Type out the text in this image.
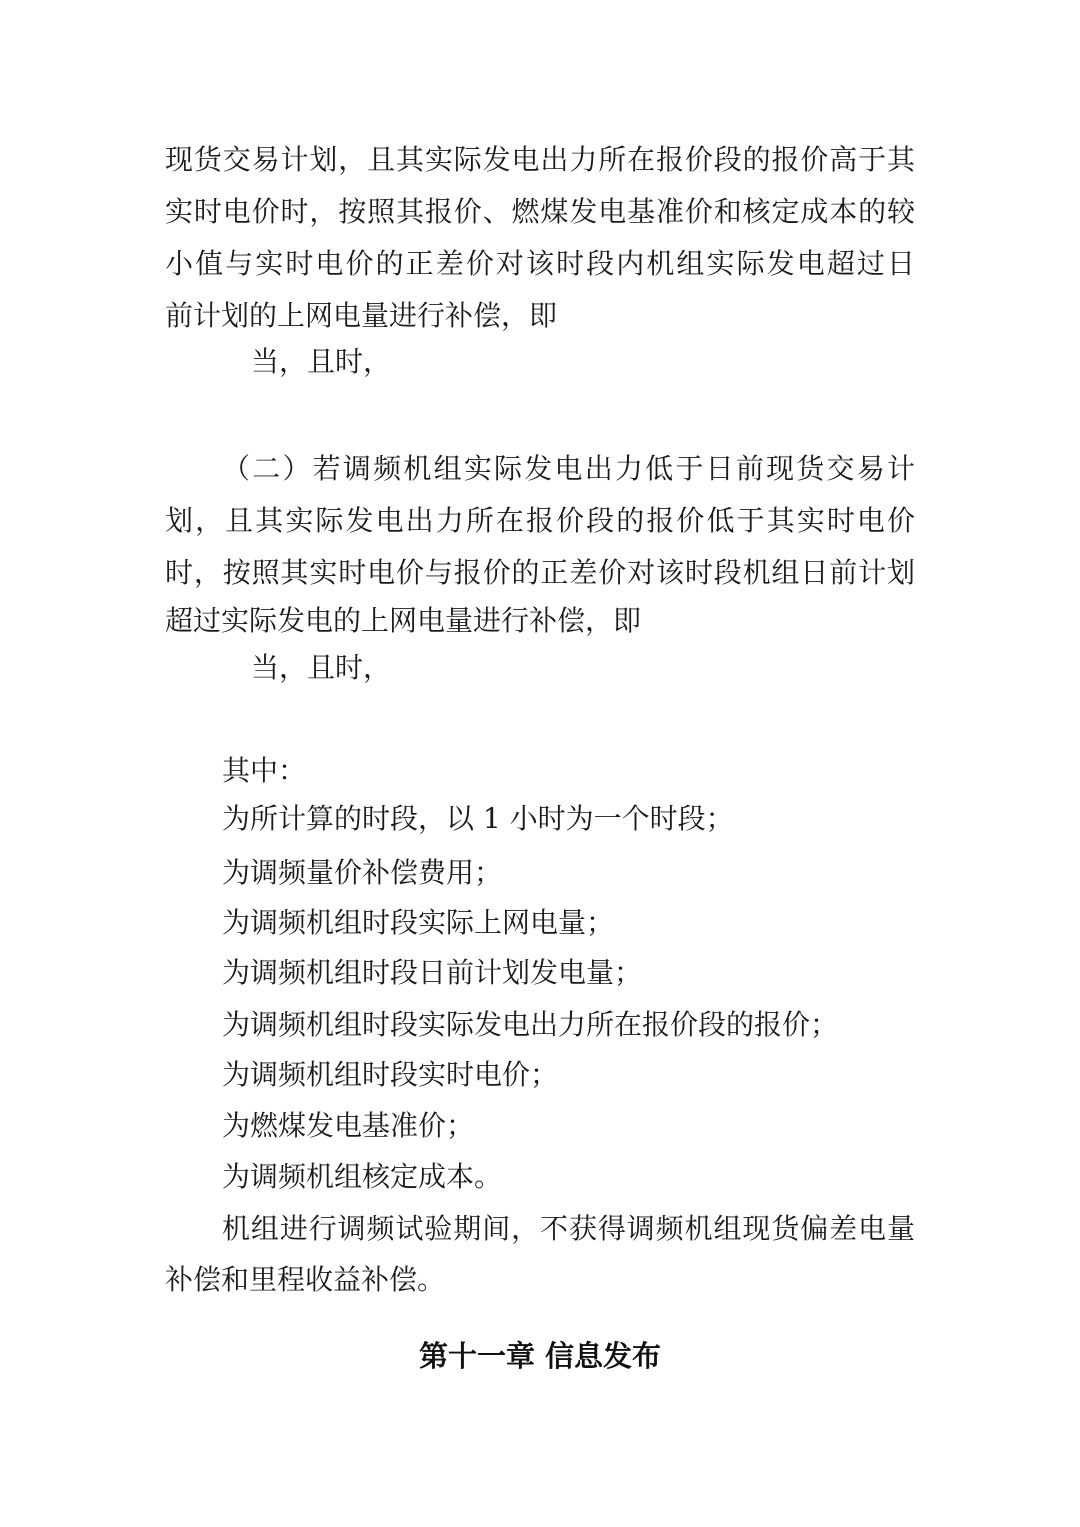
现货交易计划，且其实际发电出力所在报价段的报价高于其
实时电价时，按照其报价、燃煤发电基准价和核定成本的较
小值与实时电价的正差价对该时段内机组实际发电超过日
前计划的上网电量进行补偿，即
当，且时，
（二）若调频机组实际发电出力低于日前现货交易计
划，且其实际发电出力所在报价段的报价低于其实时电价
时，按照其实时电价与报价的正差价对该时段机组日前计划
超过实际发电的上网电量进行补偿，即
当，且时，
其中：
为所计算的时段，以 1 小时为一个时段；
为调频量价补偿费用；
为调频机组时段实际上网电量；
为调频机组时段日前计划发电量；
为调频机组时段实际发电出力所在报价段的报价；
为调频机组时段实时电价；
为燃煤发电基准价；
为调频机组核定成本。
机组进行调频试验期间，不获得调频机组现货偏差电量
补偿和里程收益补偿。
第十一章 信息发布
